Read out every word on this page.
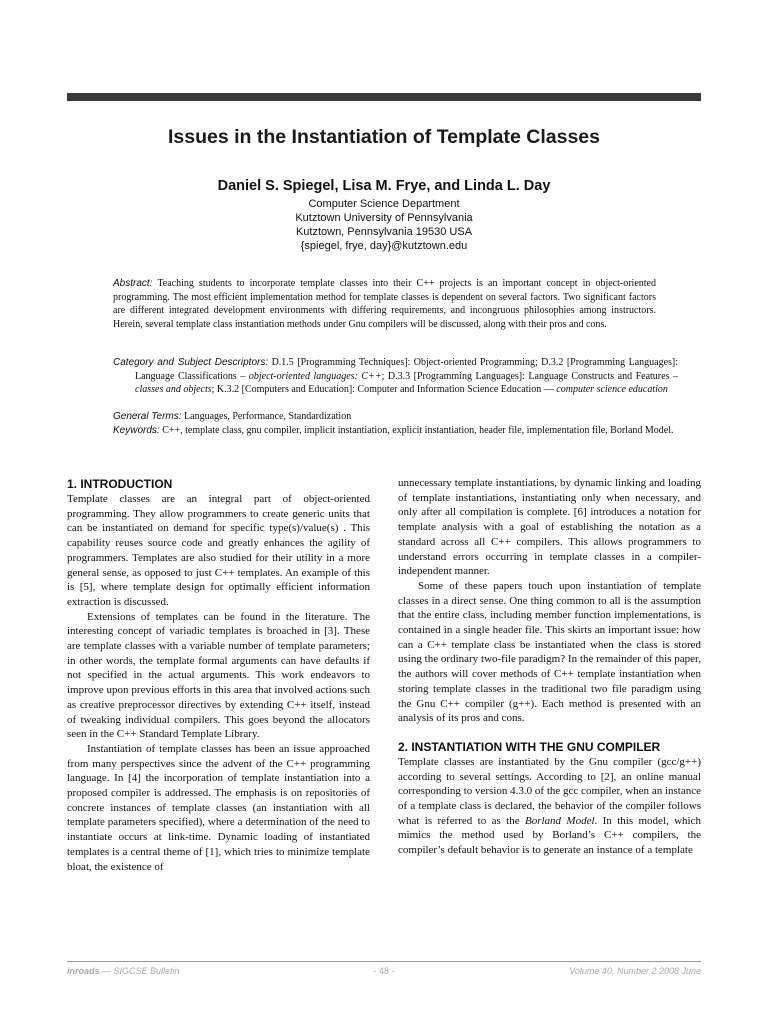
Issues in the Instantiation of Template Classes
Daniel S. Spiegel, Lisa M. Frye, and Linda L. Day
Computer Science Department
Kutztown University of Pennsylvania
Kutztown, Pennsylvania 19530 USA
{spiegel, frye, day}@kutztown.edu
Abstract: Teaching students to incorporate template classes into their C++ projects is an important concept in object-oriented programming. The most efficient implementation method for template classes is dependent on several factors. Two significant factors are different integrated development environments with differing requirements, and incongruous philosophies among instructors. Herein, several template class instantiation methods under Gnu compilers will be discussed, along with their pros and cons.
Category and Subject Descriptors: D.1.5 [Programming Techniques]: Object-oriented Programming; D.3.2 [Programming Languages]: Language Classifications – object-oriented languages: C++; D.3.3 [Programming Languages]: Language Constructs and Features – classes and objects; K.3.2 [Computers and Education]: Computer and Information Science Education — computer science education
General Terms: Languages, Performance, Standardization
Keywords: C++, template class, gnu compiler, implicit instantiation, explicit instantiation, header file, implementation file, Borland Model.
1. INTRODUCTION

Template classes are an integral part of object-oriented programming. They allow programmers to create generic units that can be instantiated on demand for specific type(s)/value(s) . This capability reuses source code and greatly enhances the agility of programmers. Templates are also studied for their utility in a more general sense, as opposed to just C++ templates. An example of this is [5], where template design for optimally efficient information extraction is discussed.

Extensions of templates can be found in the literature. The interesting concept of variadic templates is broached in [3]. These are template classes with a variable number of template parameters; in other words, the template formal arguments can have defaults if not specified in the actual arguments. This work endeavors to improve upon previous efforts in this area that involved actions such as creative preprocessor directives by extending C++ itself, instead of tweaking individual compilers. This goes beyond the allocators seen in the C++ Standard Template Library.

Instantiation of template classes has been an issue approached from many perspectives since the advent of the C++ programming language. In [4] the incorporation of template instantiation into a proposed compiler is addressed. The emphasis is on repositories of concrete instances of template classes (an instantiation with all template parameters specified), where a determination of the need to instantiate occurs at link-time. Dynamic loading of instantiated templates is a central theme of [1], which tries to minimize template bloat, the existence of

unnecessary template instantiations, by dynamic linking and loading of template instantiations, instantiating only when necessary, and only after all compilation is complete. [6] introduces a notation for template analysis with a goal of establishing the notation as a standard across all C++ compilers. This allows programmers to understand errors occurring in template classes in a compiler-independent manner.

Some of these papers touch upon instantiation of template classes in a direct sense. One thing common to all is the assumption that the entire class, including member function implementations, is contained in a single header file. This skirts an important issue: how can a C++ template class be instantiated when the class is stored using the ordinary two-file paradigm? In the remainder of this paper, the authors will cover methods of C++ template instantiation when storing template classes in the traditional two file paradigm using the Gnu C++ compiler (g++). Each method is presented with an analysis of its pros and cons.

2. INSTANTIATION WITH THE GNU COMPILER

Template classes are instantiated by the Gnu compiler (gcc/g++) according to several settings. According to [2], an online manual corresponding to version 4.3.0 of the gcc compiler, when an instance of a template class is declared, the behavior of the compiler follows what is referred to as the Borland Model. In this model, which mimics the method used by Borland’s C++ compilers, the compiler’s default behavior is to generate an instance of a template

inroads — SIGCSE Bulletin	- 48 -	Volume 40, Number 2 2008 June
